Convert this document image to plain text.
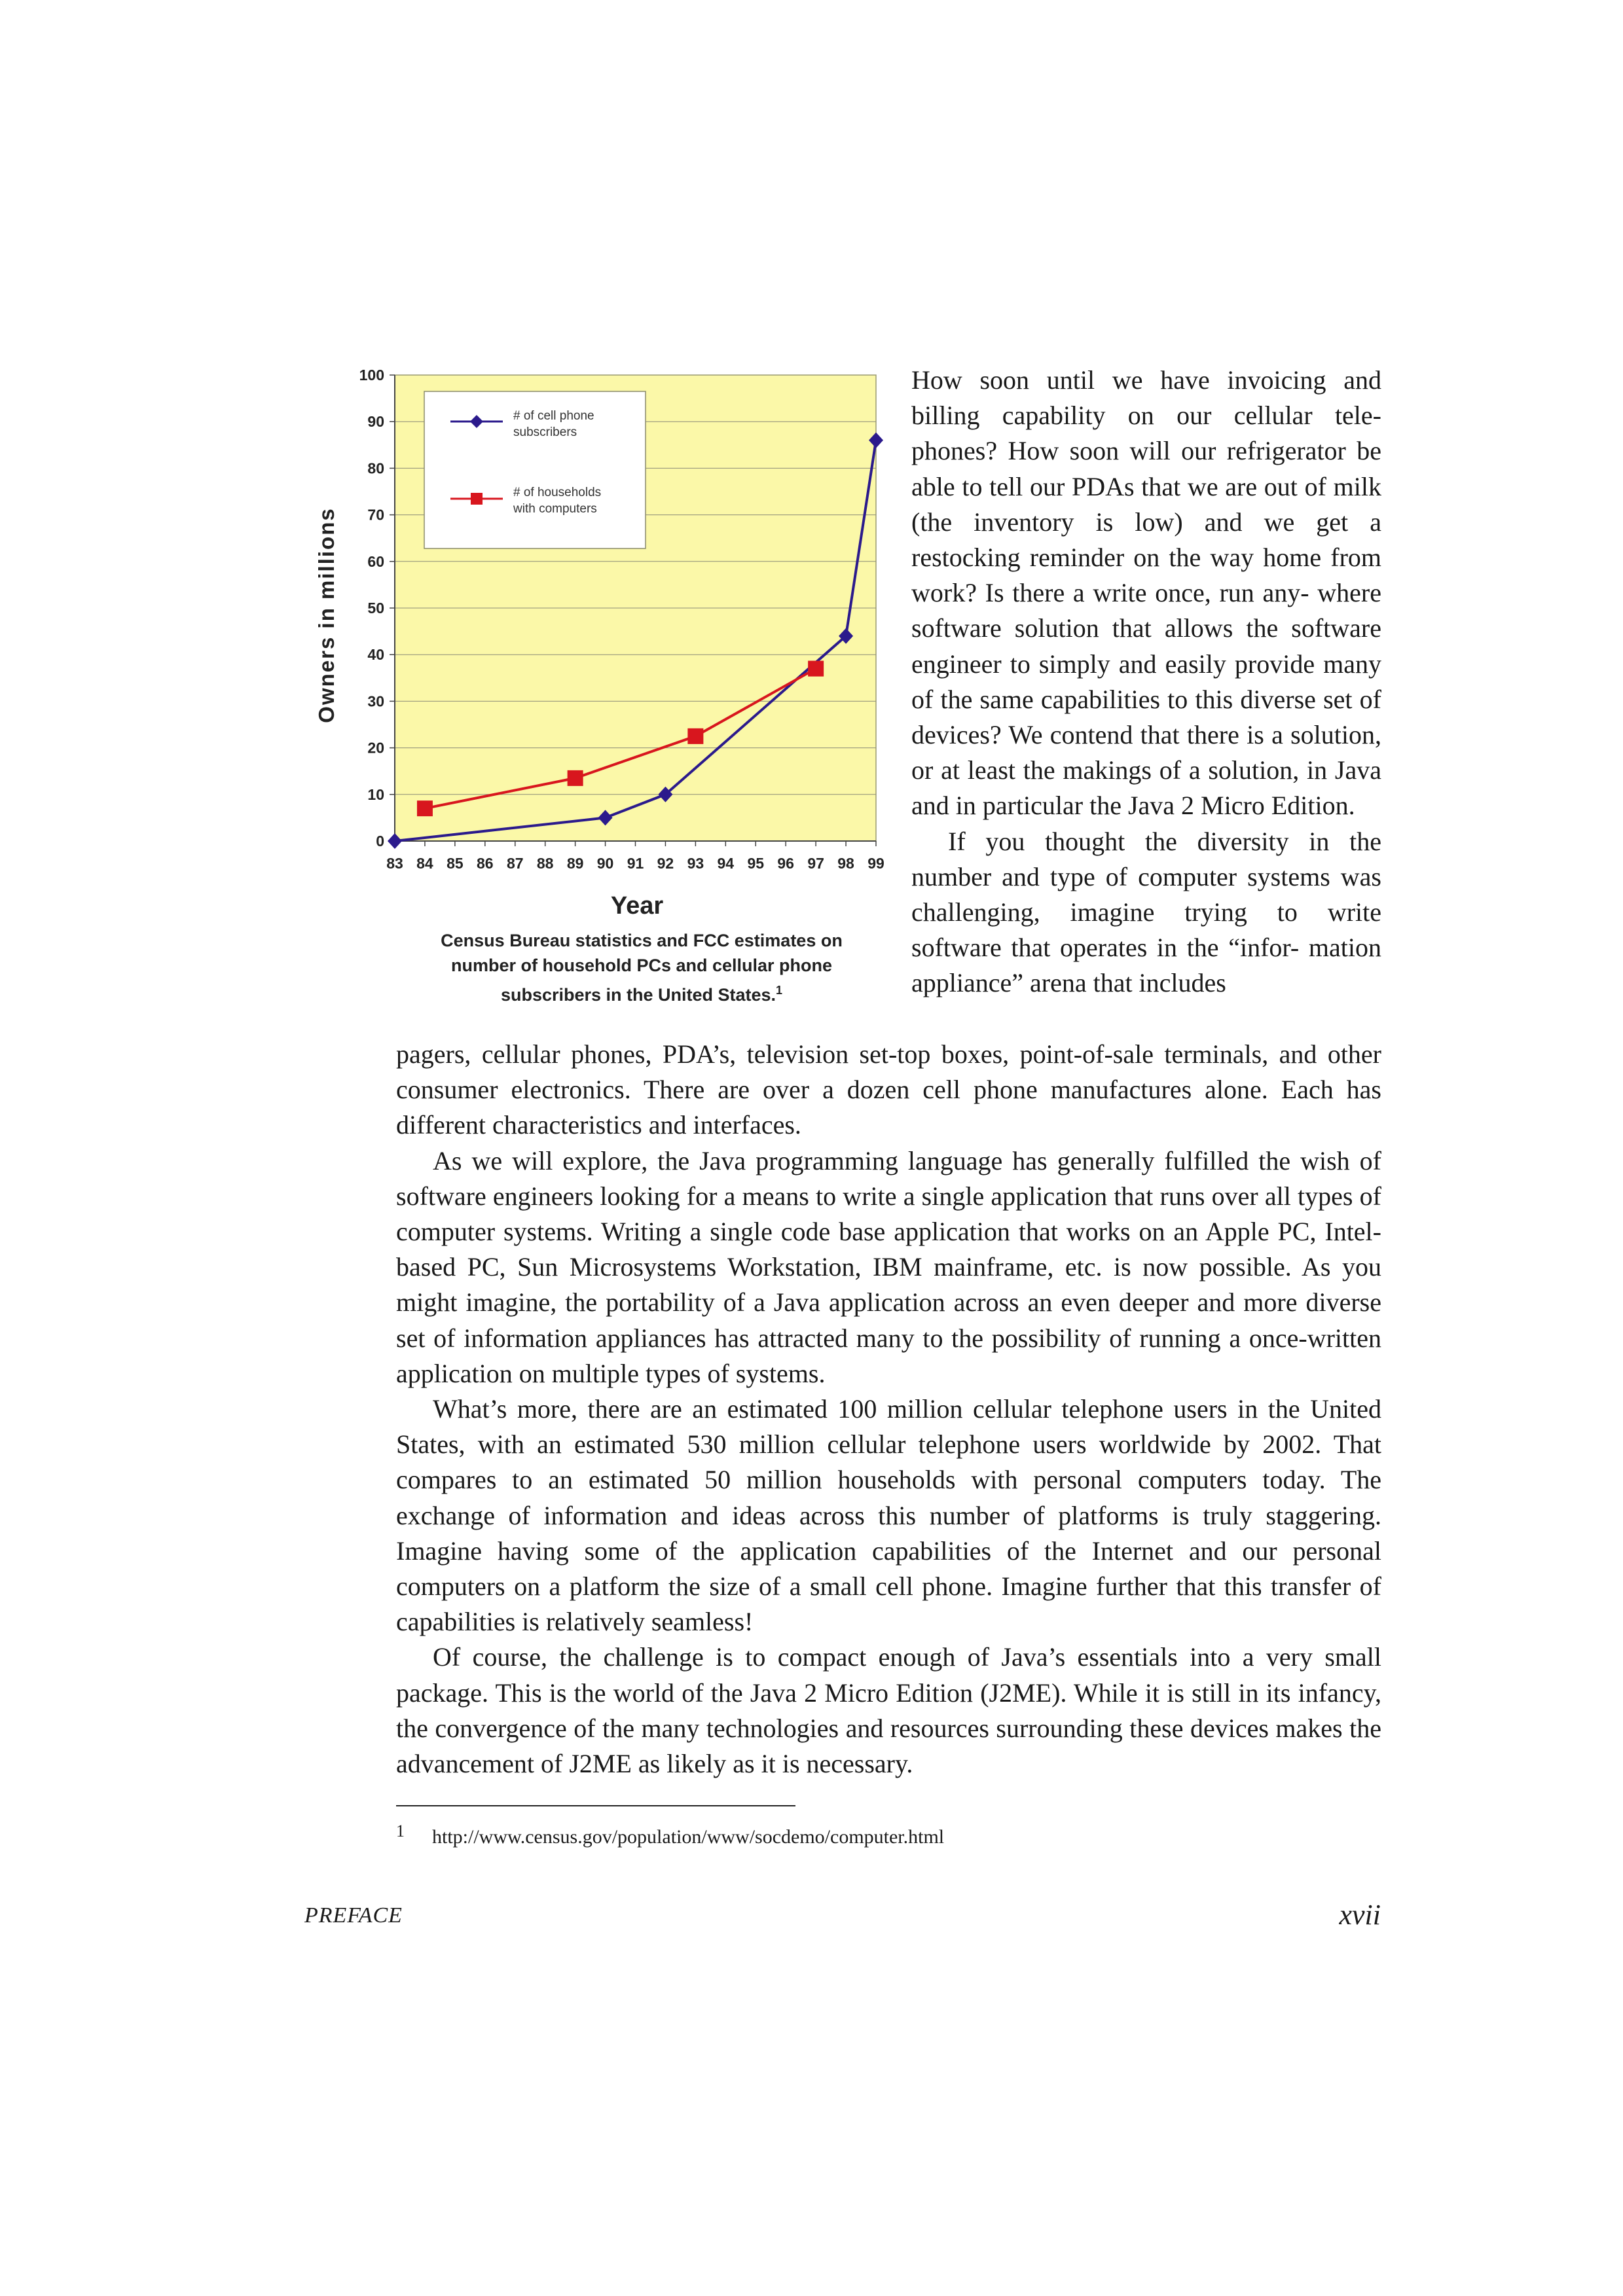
0
10
20
30
40
50
60
70
80
90
100
83 84 85 86 87 88 89 90 91 92 93 94 95 96 97 98 99
# of cell phone
subscribers
# of households
with computers
Owners in millions
Year
Census Bureau statistics and FCC estimates on
number of household PCs and cellular phone
subscribers in the United States.$^1$

How soon until we have invoicing and billing capability on our cellular tele- phones? How soon will our refrigerator be able to tell our PDAs that we are out of milk (the inventory is low) and we get a restocking reminder on the way home from work? Is there a write once, run any- where software solution that allows the software engineer to simply and easily provide many of the same capabilities to this diverse set of devices? We contend that there is a solution, or at least the makings of a solution, in Java and in particular the Java 2 Micro Edition.

If you thought the diversity in the number and type of computer systems was challenging, imagine trying to write software that operates in the “infor- mation appliance” arena that includes

pagers, cellular phones, PDA’s, television set-top boxes, point-of-sale terminals, and other consumer electronics. There are over a dozen cell phone manufactures alone. Each has different characteristics and interfaces.

As we will explore, the Java programming language has generally fulfilled the wish of software engineers looking for a means to write a single application that runs over all types of computer systems. Writing a single code base application that works on an Apple PC, Intel-based PC, Sun Microsystems Workstation, IBM mainframe, etc. is now possible. As you might imagine, the portability of a Java application across an even deeper and more diverse set of information appliances has attracted many to the possibility of running a once-written application on multiple types of systems.

What’s more, there are an estimated 100 million cellular telephone users in the United States, with an estimated 530 million cellular telephone users worldwide by 2002. That compares to an estimated 50 million households with personal computers today. The exchange of information and ideas across this number of platforms is truly staggering. Imagine having some of the application capabilities of the Internet and our personal computers on a platform the size of a small cell phone. Imagine further that this transfer of capabilities is relatively seamless!

Of course, the challenge is to compact enough of Java’s essentials into a very small package. This is the world of the Java 2 Micro Edition (J2ME). While it is still in its infancy, the convergence of the many technologies and resources surrounding these devices makes the advancement of J2ME as likely as it is necessary.

1 http://www.census.gov/population/www/socdemo/computer.html
PREFACE	xvii
